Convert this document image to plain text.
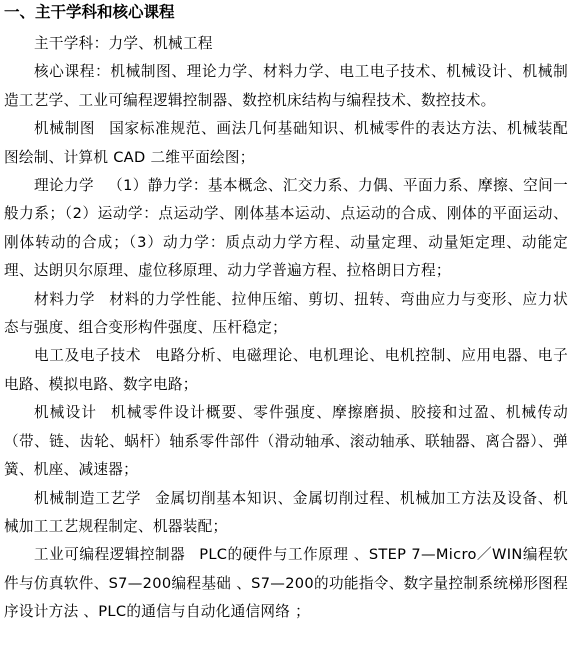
一、主干学科和核心课程

主干学科：力学、机械工程

核心课程：机械制图、理论力学、材料力学、电工电子技术、机械设计、机械制造工艺学、工业可编程逻辑控制器、数控机床结构与编程技术、数控技术。

机械制图 国家标准规范、画法几何基础知识、机械零件的表达方法、机械装配图绘制、计算机 CAD 二维平面绘图；

理论力学 （1）静力学：基本概念、汇交力系、力偶、平面力系、摩擦、空间一般力系；（2）运动学：点运动学、刚体基本运动、点运动的合成、刚体的平面运动、刚体转动的合成；（3）动力学：质点动力学方程、动量定理、动量矩定理、动能定理、达朗贝尔原理、虚位移原理、动力学普遍方程、拉格朗日方程；

材料力学 材料的力学性能、拉伸压缩、剪切、扭转、弯曲应力与变形、应力状态与强度、组合变形构件强度、压杆稳定；

电工及电子技术 电路分析、电磁理论、电机理论、电机控制、应用电器、电子电路、模拟电路、数字电路；

机械设计 机械零件设计概要、零件强度、摩擦磨损、胶接和过盈、机械传动（带、链、齿轮、蜗杆）轴系零件部件（滑动轴承、滚动轴承、联轴器、离合器）、弹簧、机座、减速器；

机械制造工艺学 金属切削基本知识、金属切削过程、机械加工方法及设备、机械加工工艺规程制定、机器装配；

工业可编程逻辑控制器 PLC的硬件与工作原理 、STEP 7—Micro／WIN编程软件与仿真软件、S7—200编程基础 、S7—200的功能指令、数字量控制系统梯形图程序设计方法 、PLC的通信与自动化通信网络 ；
